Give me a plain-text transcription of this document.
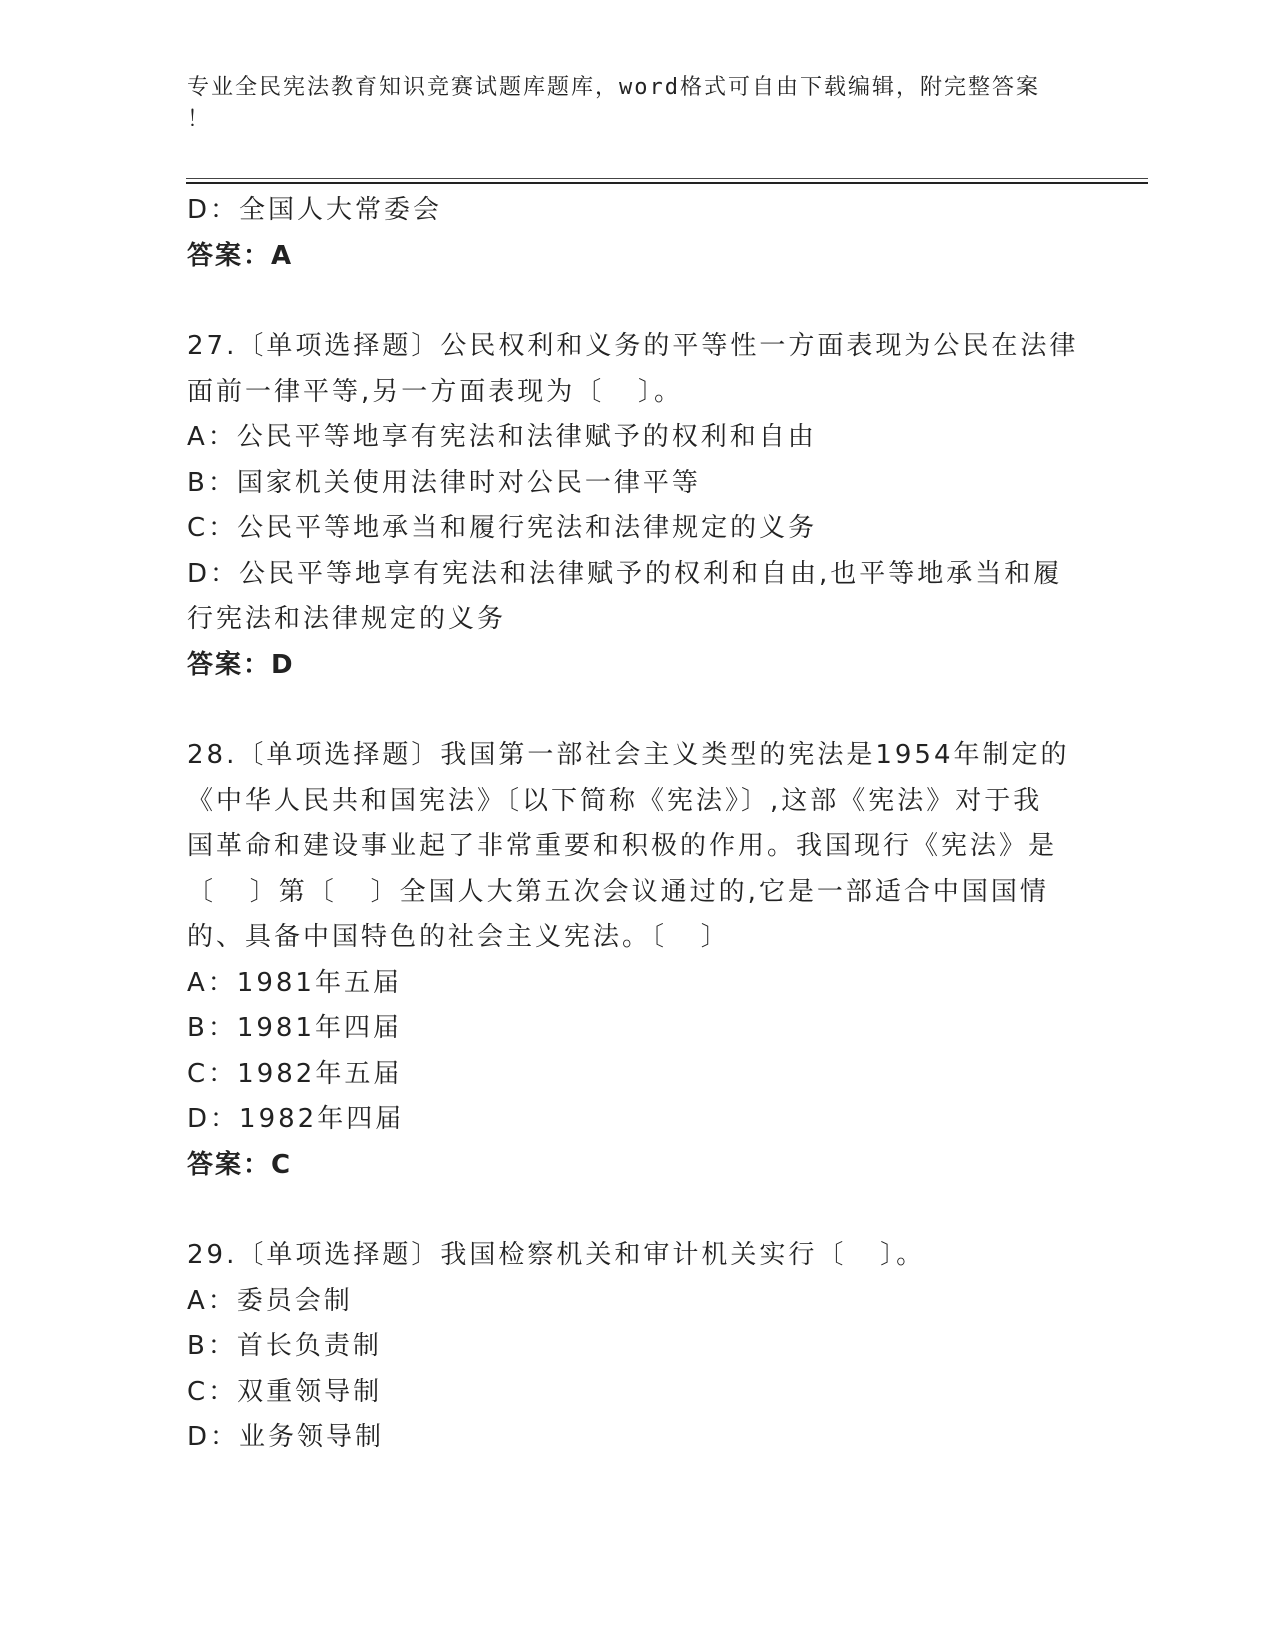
专业全民宪法教育知识竞赛试题库题库，word格式可自由下载编辑，附完整答案
！
D：全国人大常委会
答案：A
27.〔单项选择题〕公民权利和义务的平等性一方面表现为公民在法律
面前一律平等,另一方面表现为〔   〕。
A：公民平等地享有宪法和法律赋予的权利和自由
B：国家机关使用法律时对公民一律平等
C：公民平等地承当和履行宪法和法律规定的义务
D：公民平等地享有宪法和法律赋予的权利和自由,也平等地承当和履
行宪法和法律规定的义务
答案：D
28.〔单项选择题〕我国第一部社会主义类型的宪法是1954年制定的
《中华人民共和国宪法》〔以下简称《宪法》〕,这部《宪法》对于我
国革命和建设事业起了非常重要和积极的作用。我国现行《宪法》是
〔   〕第〔   〕全国人大第五次会议通过的,它是一部适合中国国情
的、具备中国特色的社会主义宪法。〔   〕
A：1981年五届
B：1981年四届
C：1982年五届
D：1982年四届
答案：C
29.〔单项选择题〕我国检察机关和审计机关实行〔   〕。
A：委员会制
B：首长负责制
C：双重领导制
D：业务领导制
